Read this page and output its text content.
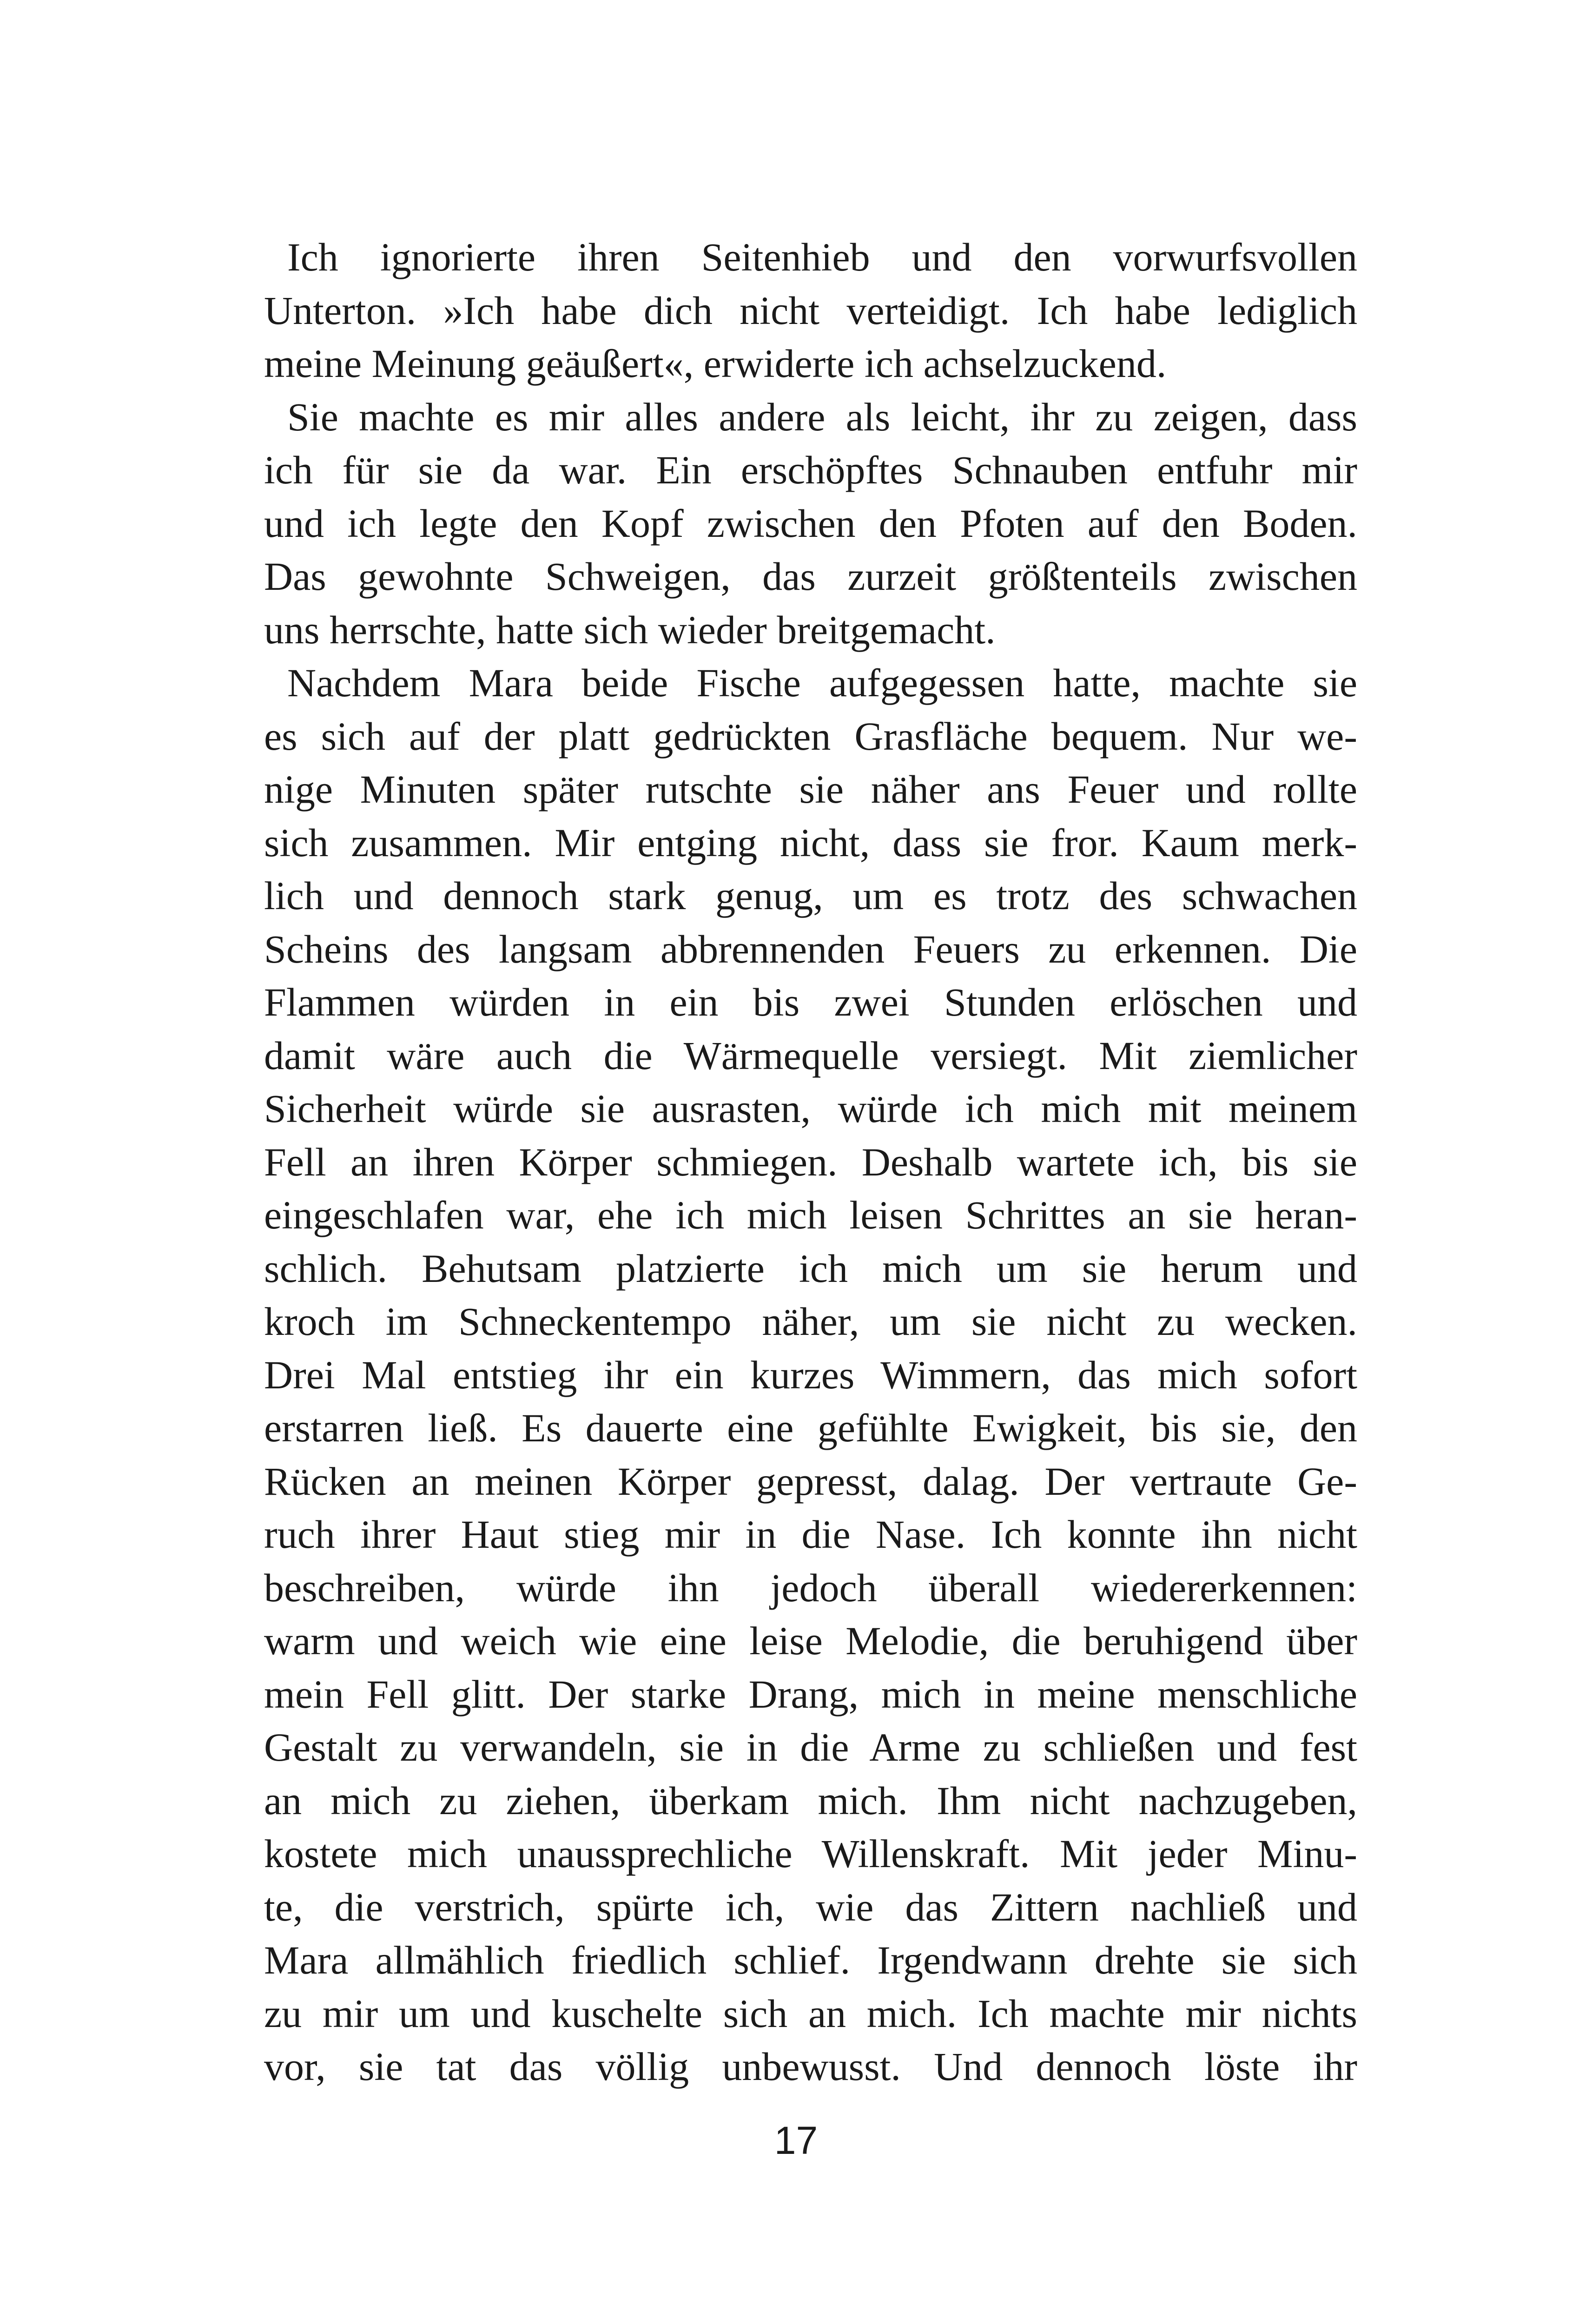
Ich ignorierte ihren Seitenhieb und den vorwurfsvollen
Unterton. »Ich habe dich nicht verteidigt. Ich habe lediglich
meine Meinung geäußert«, erwiderte ich achselzuckend.
Sie machte es mir alles andere als leicht, ihr zu zeigen, dass
ich für sie da war. Ein erschöpftes Schnauben entfuhr mir
und ich legte den Kopf zwischen den Pfoten auf den Boden.
Das gewohnte Schweigen, das zurzeit größtenteils zwischen
uns herrschte, hatte sich wieder breitgemacht.
Nachdem Mara beide Fische aufgegessen hatte, machte sie
es sich auf der platt gedrückten Grasfläche bequem. Nur we-
nige Minuten später rutschte sie näher ans Feuer und rollte
sich zusammen. Mir entging nicht, dass sie fror. Kaum merk-
lich und dennoch stark genug, um es trotz des schwachen
Scheins des langsam abbrennenden Feuers zu erkennen. Die
Flammen würden in ein bis zwei Stunden erlöschen und
damit wäre auch die Wärmequelle versiegt. Mit ziemlicher
Sicherheit würde sie ausrasten, würde ich mich mit meinem
Fell an ihren Körper schmiegen. Deshalb wartete ich, bis sie
eingeschlafen war, ehe ich mich leisen Schrittes an sie heran-
schlich. Behutsam platzierte ich mich um sie herum und
kroch im Schneckentempo näher, um sie nicht zu wecken.
Drei Mal entstieg ihr ein kurzes Wimmern, das mich sofort
erstarren ließ. Es dauerte eine gefühlte Ewigkeit, bis sie, den
Rücken an meinen Körper gepresst, dalag. Der vertraute Ge-
ruch ihrer Haut stieg mir in die Nase. Ich konnte ihn nicht
beschreiben, würde ihn jedoch überall wiedererkennen:
warm und weich wie eine leise Melodie, die beruhigend über
mein Fell glitt. Der starke Drang, mich in meine menschliche
Gestalt zu verwandeln, sie in die Arme zu schließen und fest
an mich zu ziehen, überkam mich. Ihm nicht nachzugeben,
kostete mich unaussprechliche Willenskraft. Mit jeder Minu-
te, die verstrich, spürte ich, wie das Zittern nachließ und
Mara allmählich friedlich schlief. Irgendwann drehte sie sich
zu mir um und kuschelte sich an mich. Ich machte mir nichts
vor, sie tat das völlig unbewusst. Und dennoch löste ihr
17
